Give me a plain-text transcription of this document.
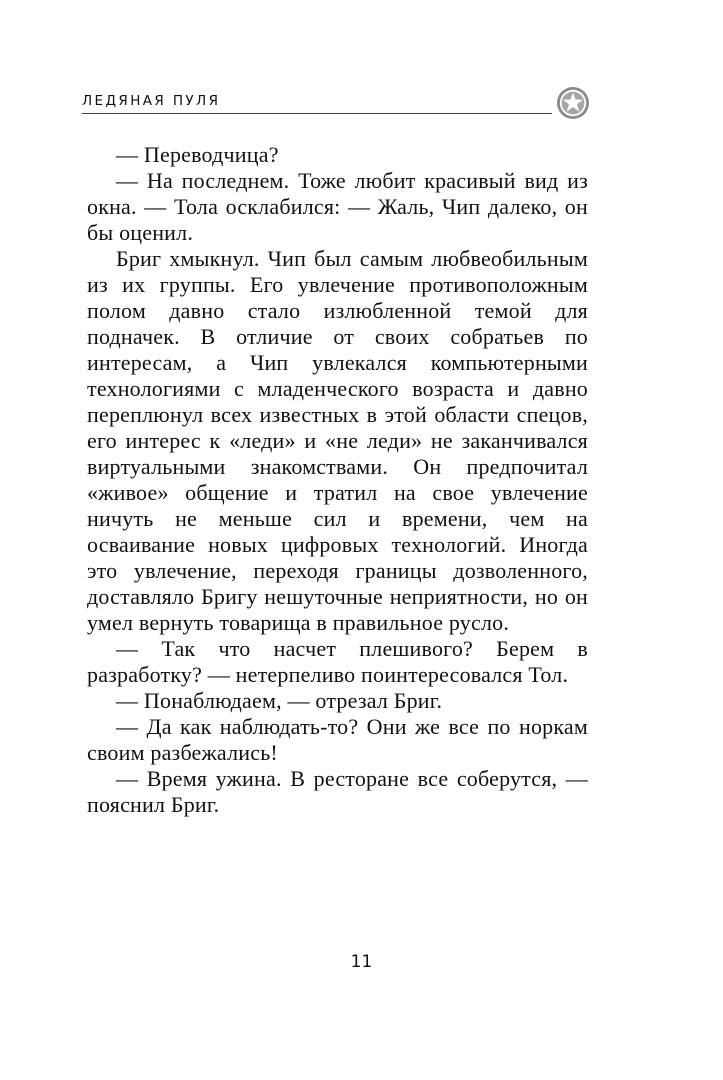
ЛЕДЯНАЯ ПУЛЯ

— Переводчица?

— На последнем. Тоже любит красивый вид из окна. — Тола осклабился: — Жаль, Чип далеко, он бы оценил.

Бриг хмыкнул. Чип был самым любвеобильным из их группы. Его увлечение противоположным полом давно стало излюбленной темой для подначек. В отличие от своих собратьев по интересам, а Чип увлекался компьютерными технологиями с младенческого возраста и давно переплюнул всех известных в этой области спецов, его интерес к «леди» и «не леди» не заканчивался виртуальными знакомствами. Он предпочитал «живое» общение и тратил на свое увлечение ничуть не меньше сил и времени, чем на осваивание новых цифровых технологий. Иногда это увлечение, переходя границы дозволенного, доставляло Бригу нешуточные неприятности, но он умел вернуть товарища в правильное русло.

— Так что насчет плешивого? Берем в разработку? — нетерпеливо поинтересовался Тол.

— Понаблюдаем, — отрезал Бриг.

— Да как наблюдать-то? Они же все по норкам своим разбежались!

— Время ужина. В ресторане все соберутся, — пояснил Бриг.

11
